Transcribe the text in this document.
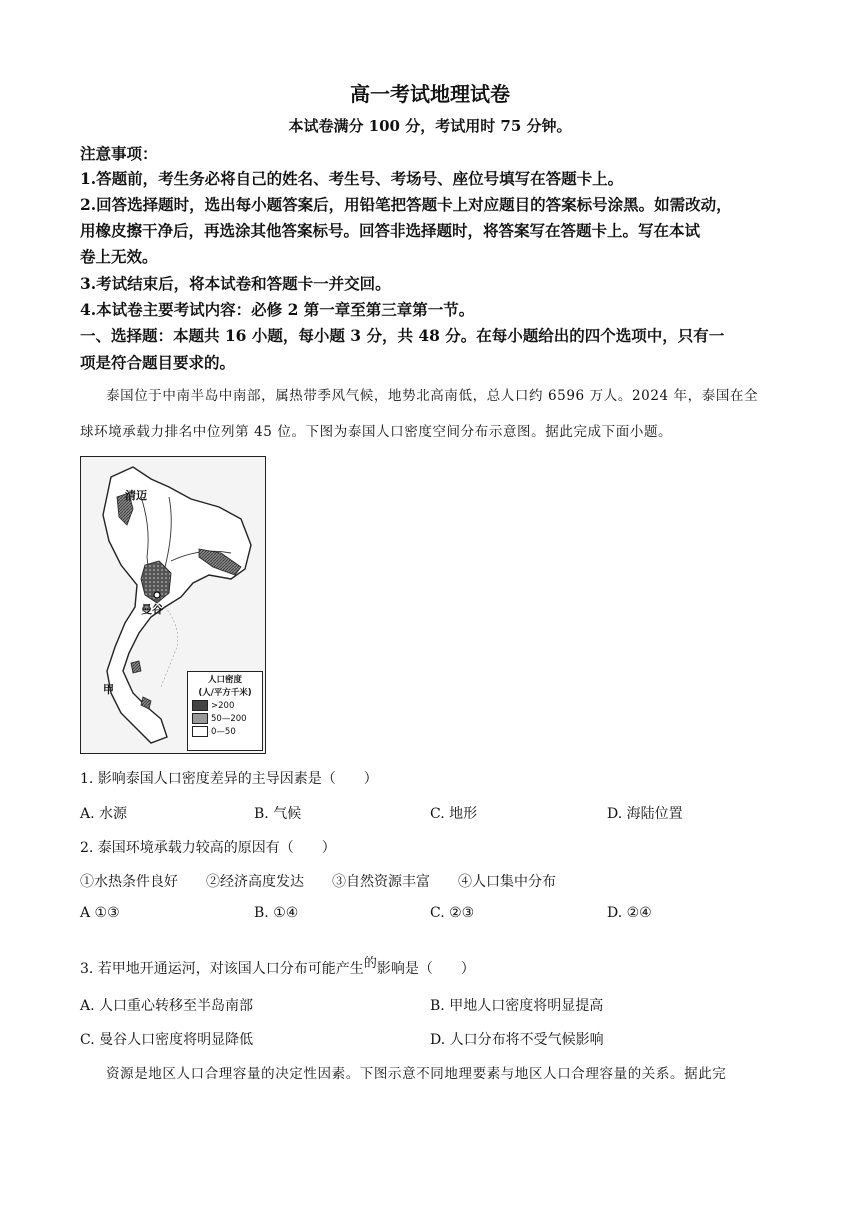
高一考试地理试卷
本试卷满分 100 分，考试用时 75 分钟。
注意事项：
1.答题前，考生务必将自己的姓名、考生号、考场号、座位号填写在答题卡上。
2.回答选择题时，选出每小题答案后，用铅笔把答题卡上对应题目的答案标号涂黑。如需改动，
用橡皮擦干净后，再选涂其他答案标号。回答非选择题时，将答案写在答题卡上。写在本试
卷上无效。
3.考试结束后，将本试卷和答题卡一并交回。
4.本试卷主要考试内容：必修 2 第一章至第三章第一节。
一、选择题：本题共 16 小题，每小题 3 分，共 48 分。在每小题给出的四个选项中，只有一
项是符合题目要求的。
泰国位于中南半岛中南部，属热带季风气候，地势北高南低，总人口约 6596 万人。2024 年，泰国在全
球环境承载力排名中位列第 45 位。下图为泰国人口密度空间分布示意图。据此完成下面小题。
清迈
曼谷
甲
人口密度
(人/平方千米)
>200
50—200
0—50
1. 影响泰国人口密度差异的主导因素是（　　）
A. 水源	B. 气候	C. 地形	D. 海陆位置
2. 泰国环境承载力较高的原因有（　　）
①水热条件良好　　②经济高度发达　　③自然资源丰富　　④人口集中分布
A ①③	B. ①④	C. ②③	D. ②④
3. 若甲地开通运河，对该国人口分布可能产生的影响是（　　）
A. 人口重心转移至半岛南部	B. 甲地人口密度将明显提高
C. 曼谷人口密度将明显降低	D. 人口分布将不受气候影响
资源是地区人口合理容量的决定性因素。下图示意不同地理要素与地区人口合理容量的关系。据此完
